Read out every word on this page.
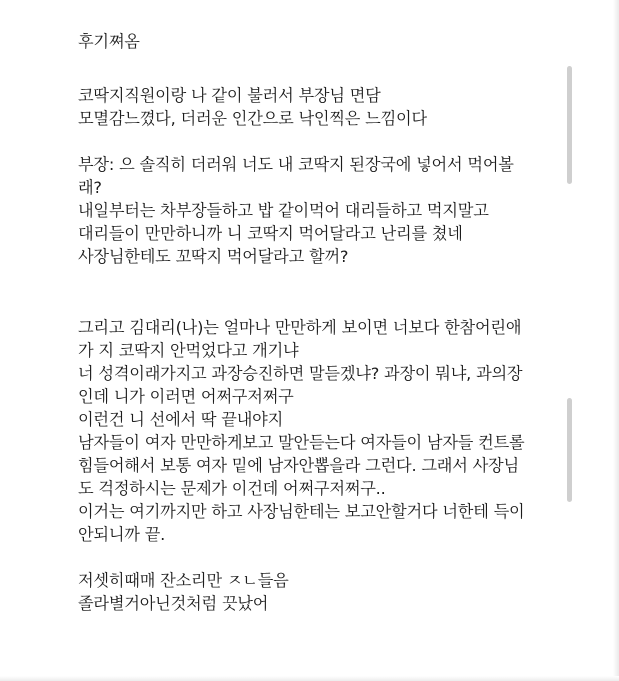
후기쪄옴
코딱지직원이랑 나 같이 불러서 부장님 면담
모멸감느꼈다, 더러운 인간으로 낙인찍은 느낌이다
부장: 으 솔직히 더러워 너도 내 코딱지 된장국에 넣어서 먹어볼
래?
내일부터는 차부장들하고 밥 같이먹어 대리들하고 먹지말고
대리들이 만만하니까 니 코딱지 먹어달라고 난리를 쳤네
사장님한테도 꼬딱지 먹어달라고 할꺼?
그리고 김대리(나)는 얼마나 만만하게 보이면 너보다 한참어린애
가 지 코딱지 안먹었다고 개기냐
너 성격이래가지고 과장승진하면 말듣겠냐? 과장이 뭐냐, 과의장
인데 니가 이러면 어쩌구저쩌구
이런건 니 선에서 딱 끝내야지
남자들이 여자 만만하게보고 말안듣는다 여자들이 남자들 컨트롤
힘들어해서 보통 여자 밑에 남자안뽑을라 그런다. 그래서 사장님
도 걱정하시는 문제가 이건데 어쩌구저쩌구..
이거는 여기까지만 하고 사장님한테는 보고안할거다 너한테 득이
안되니까 끝.
저셋히때매 잔소리만 ㅈㄴ들음
졸라별거아닌것처럼 끗났어
